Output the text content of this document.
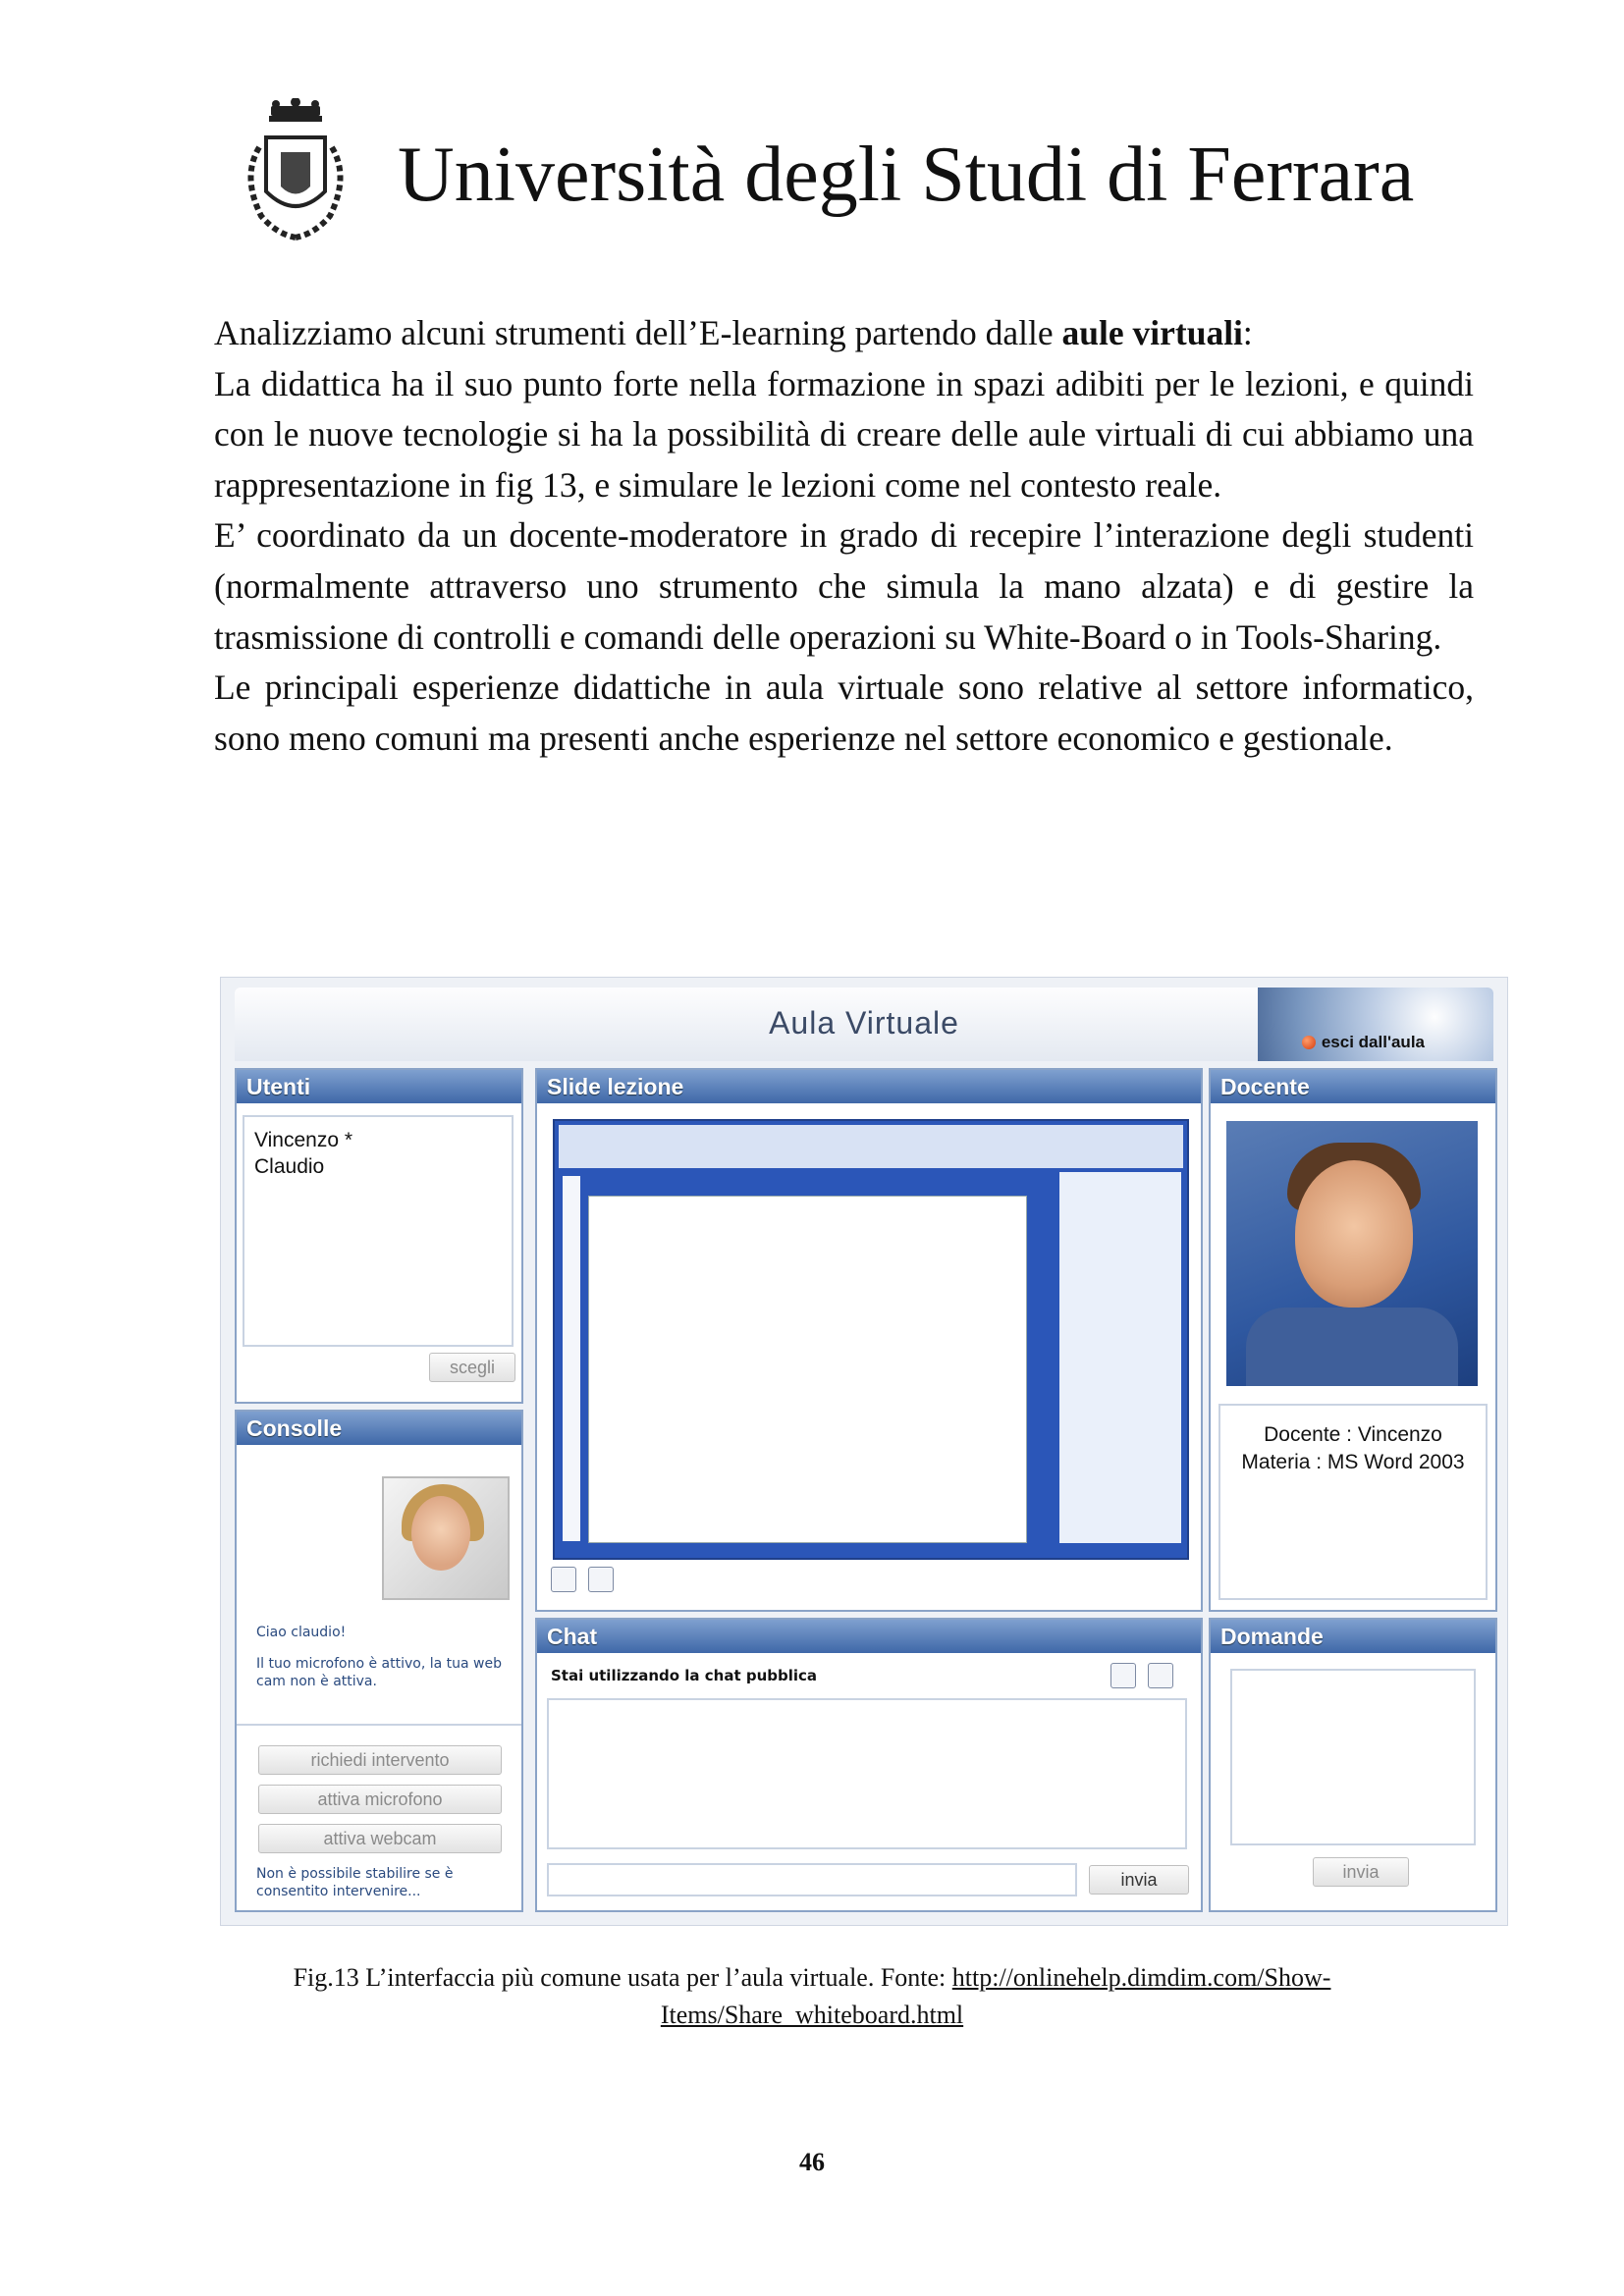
Università degli Studi di Ferrara

Analizziamo alcuni strumenti dell’E-learning partendo dalle aule virtuali:

La didattica ha il suo punto forte nella formazione in spazi adibiti per le lezioni, e quindi con le nuove tecnologie si ha la possibilità di creare delle aule virtuali di cui abbiamo una rappresentazione in fig 13, e simulare le lezioni come nel contesto reale.

E’ coordinato da un docente-moderatore in grado di recepire l’interazione degli studenti (normalmente attraverso uno strumento che simula la mano alzata) e di gestire la trasmissione di controlli e comandi delle operazioni su White-Board o in Tools-Sharing.

Le principali esperienze didattiche in aula virtuale sono relative al settore informatico, sono meno comuni ma presenti anche esperienze nel settore economico e gestionale.

Aula Virtuale
esci dall'aula
Utenti
Vincenzo *
Claudio
scegli
Consolle
Ciao claudio!
Il tuo microfono è attivo, la tua web cam non è attiva.
richiedi intervento
attiva microfono
attiva webcam
Non è possibile stabilire se è consentito intervenire...
Slide lezione
Chat
Stai utilizzando la chat pubblica
invia
Docente
Docente : Vincenzo
Materia : MS Word 2003
Domande
invia
Fig.13 L’interfaccia più comune usata per l’aula virtuale. Fonte: http://onlinehelp.dimdim.com/Show-
Items/Share_whiteboard.html
46
